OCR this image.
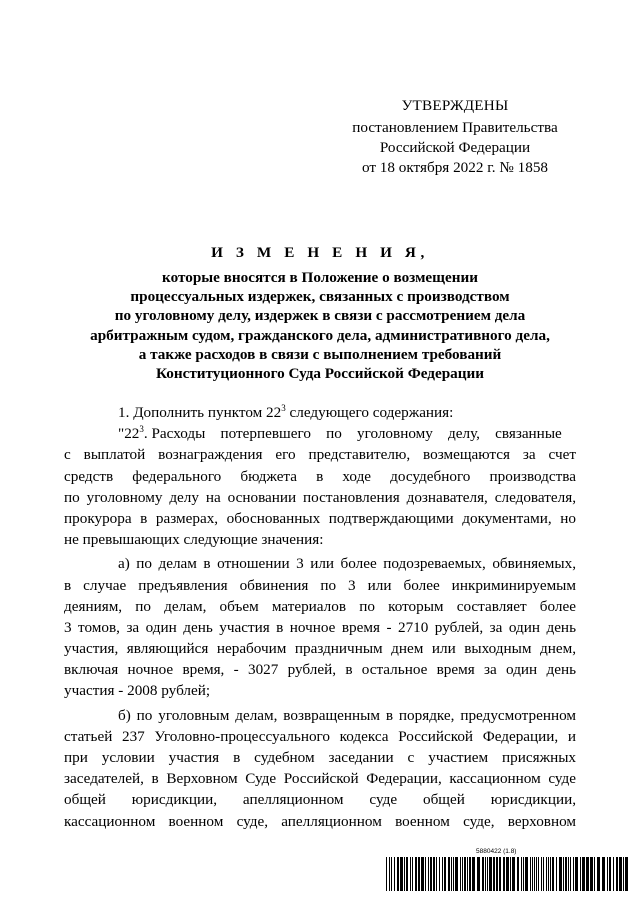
УТВЕРЖДЕНЫ
постановлением Правительства
Российской Федерации
от 18 октября 2022 г. № 1858
И З М Е Н Е Н И Я,
которые вносятся в Положение о возмещении
процессуальных издержек, связанных с производством
по уголовному делу, издержек в связи с рассмотрением дела
арбитражным судом, гражданского дела, административного дела,
а также расходов в связи с выполнением требований
Конституционного Суда Российской Федерации
1. Дополнить пунктом $22^3$ следующего содержания:
"$22^3$. Расходы    потерпевшего    по    уголовному    делу,    связанные
с выплатой вознаграждения его представителю, возмещаются за счет
средств федерального бюджета в ходе досудебного производства
по уголовному делу на основании постановления дознавателя, следователя,
прокурора в размерах, обоснованных подтверждающими документами, но
не превышающих следующие значения:
а) по делам в отношении 3 или более подозреваемых, обвиняемых,
в случае предъявления обвинения по 3 или более инкриминируемым
деяниям, по делам, объем материалов по которым составляет более
3 томов, за один день участия в ночное время - 2710 рублей, за один день
участия, являющийся нерабочим праздничным днем или выходным днем,
включая ночное время, - 3027 рублей, в остальное время за один день
участия - 2008 рублей;
б) по уголовным делам, возвращенным в порядке, предусмотренном
статьей 237 Уголовно-процессуального кодекса Российской Федерации, и
при условии участия в судебном заседании с участием присяжных
заседателей, в Верховном Суде Российской Федерации, кассационном суде
общей юрисдикции, апелляционном суде общей юрисдикции,
кассационном военном суде, апелляционном военном суде, верховном
5880422 (1.8)
